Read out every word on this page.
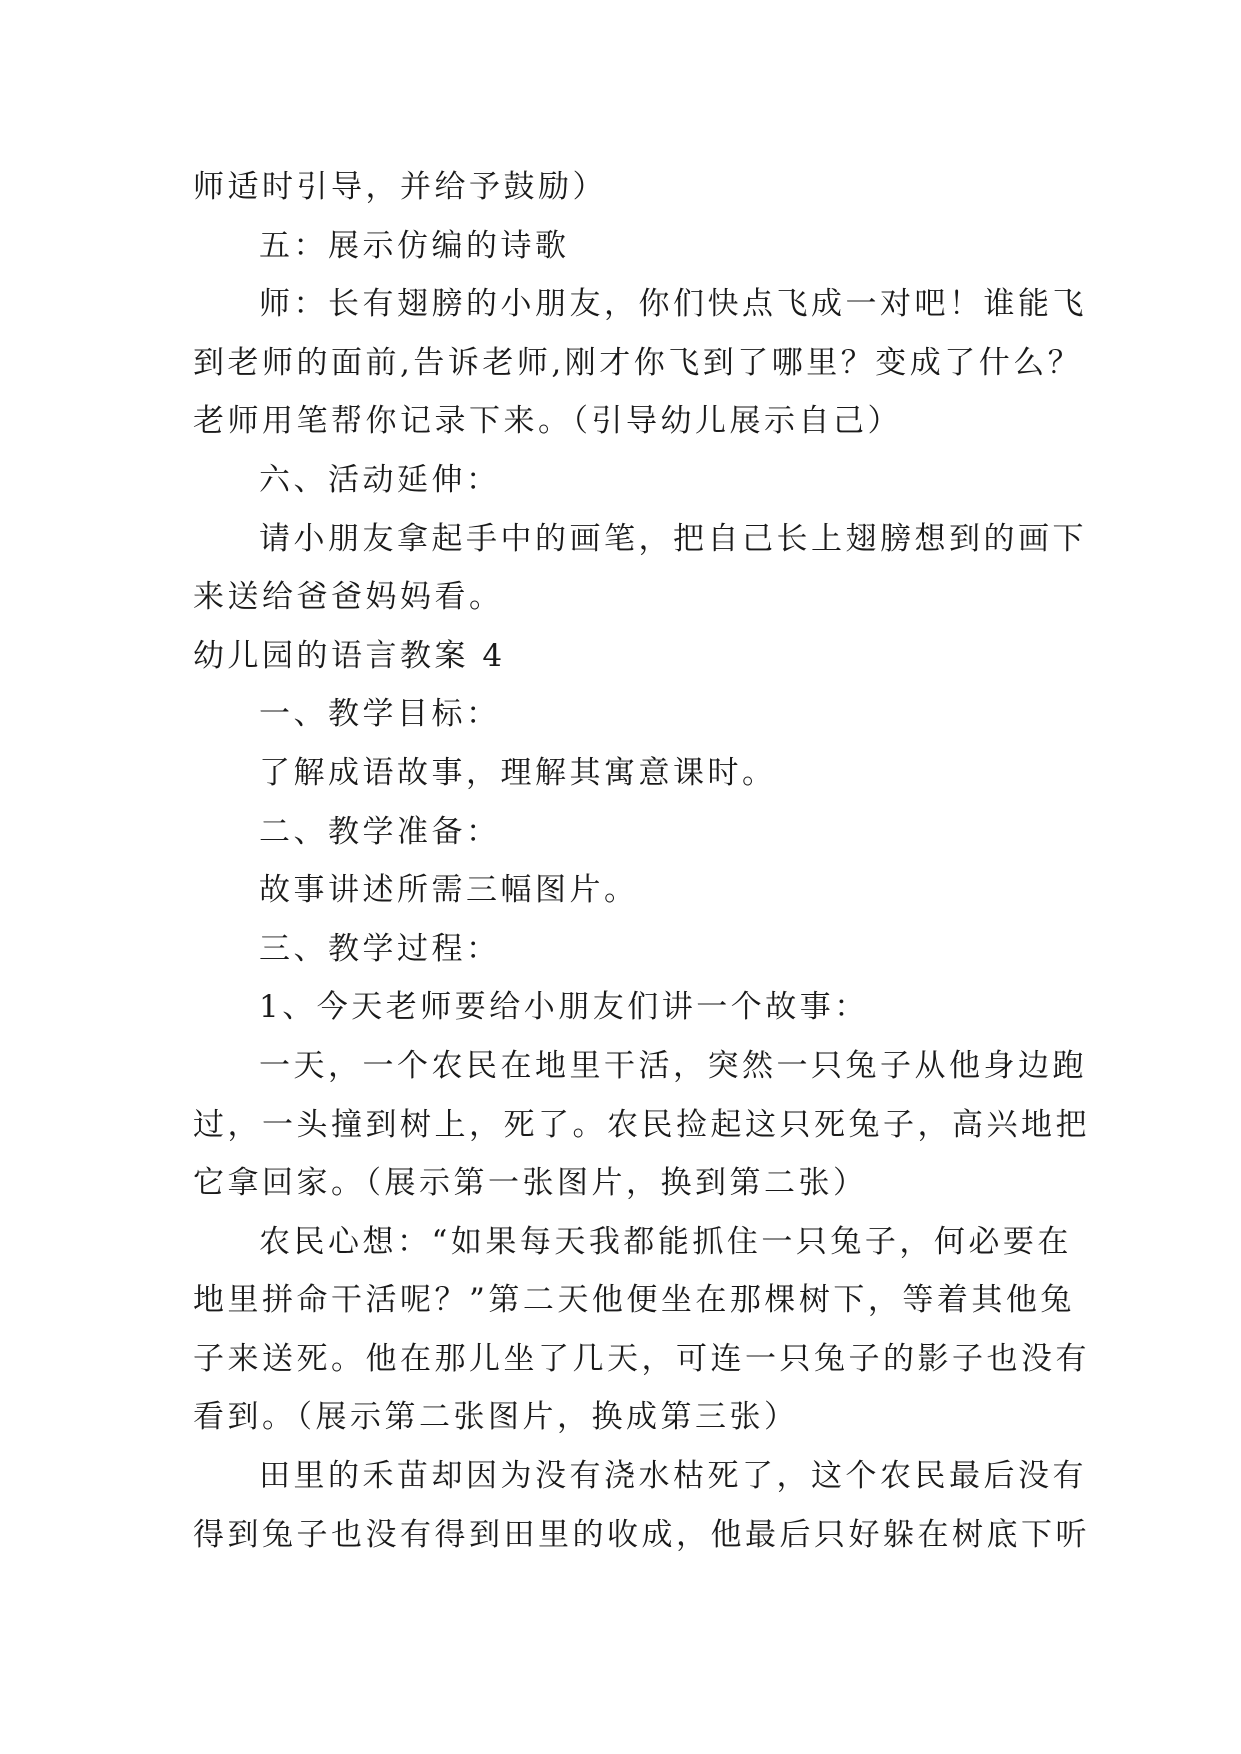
师适时引导，并给予鼓励）

五：展示仿编的诗歌

师：长有翅膀的小朋友，你们快点飞成一对吧！谁能飞

到老师的面前,告诉老师,刚才你飞到了哪里？变成了什么？

老师用笔帮你记录下来。（引导幼儿展示自己）

六、活动延伸：

请小朋友拿起手中的画笔，把自己长上翅膀想到的画下

来送给爸爸妈妈看。

幼儿园的语言教案 4

一、教学目标：

了解成语故事，理解其寓意课时。

二、教学准备：

故事讲述所需三幅图片。

三、教学过程：

1、今天老师要给小朋友们讲一个故事：

一天，一个农民在地里干活，突然一只兔子从他身边跑

过，一头撞到树上，死了。农民捡起这只死兔子，高兴地把

它拿回家。（展示第一张图片，换到第二张）

农民心想：“如果每天我都能抓住一只兔子，何必要在

地里拼命干活呢？”第二天他便坐在那棵树下，等着其他兔

子来送死。他在那儿坐了几天，可连一只兔子的影子也没有

看到。（展示第二张图片，换成第三张）

田里的禾苗却因为没有浇水枯死了，这个农民最后没有

得到兔子也没有得到田里的收成，他最后只好躲在树底下听
